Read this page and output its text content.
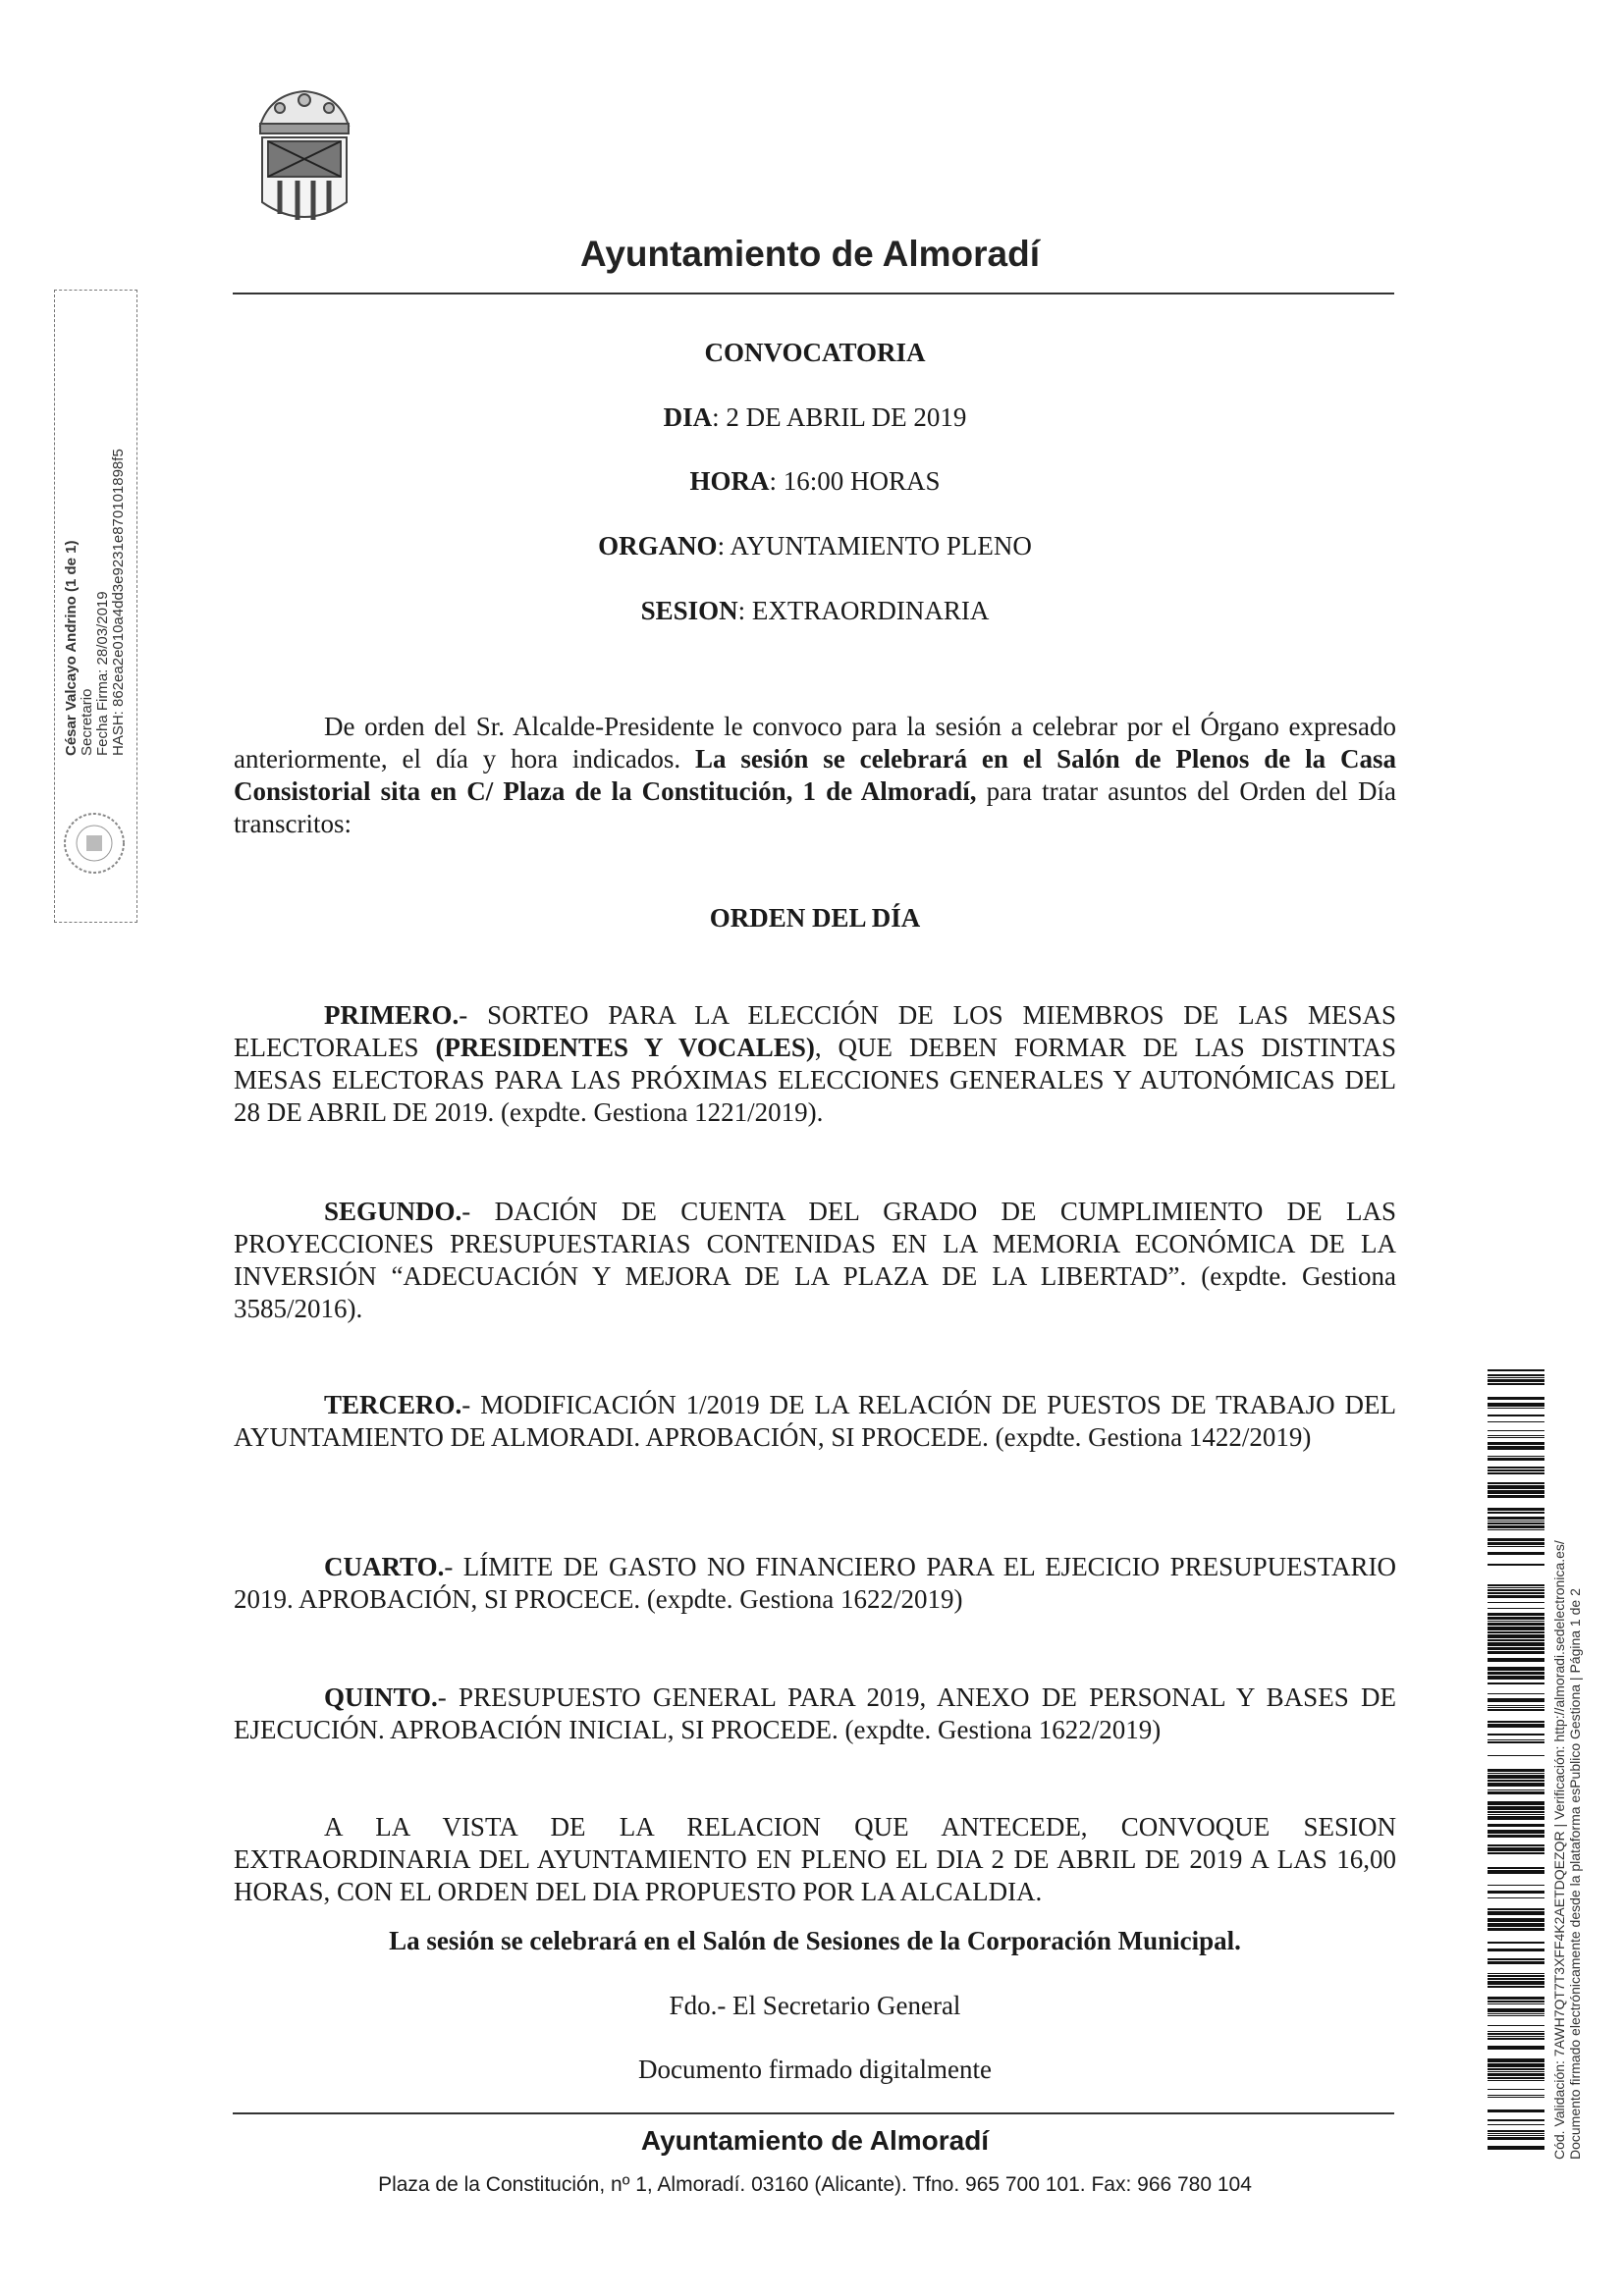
Ayuntamiento de Almoradí
César Valcayo Andrino (1 de 1) Secretario Fecha Firma: 28/03/2019 HASH: 862ea2e010a4dd3e9231e870101898f5
CONVOCATORIA
DIA: 2 DE ABRIL DE 2019
HORA: 16:00 HORAS
ORGANO: AYUNTAMIENTO PLENO
SESION: EXTRAORDINARIA
De orden del Sr. Alcalde-Presidente le convoco para la sesión a celebrar por el Órgano expresado anteriormente, el día y hora indicados. La sesión se celebrará en el Salón de Plenos de la Casa Consistorial sita en C/ Plaza de la Constitución, 1 de Almoradí, para tratar asuntos del Orden del Día transcritos:
ORDEN DEL DÍA
PRIMERO.- SORTEO PARA LA ELECCIÓN DE LOS MIEMBROS DE LAS MESAS ELECTORALES (PRESIDENTES Y VOCALES), QUE DEBEN FORMAR DE LAS DISTINTAS MESAS ELECTORAS PARA LAS PRÓXIMAS ELECCIONES GENERALES Y AUTONÓMICAS DEL 28 DE ABRIL DE 2019. (expdte. Gestiona 1221/2019).
SEGUNDO.- DACIÓN DE CUENTA DEL GRADO DE CUMPLIMIENTO DE LAS PROYECCIONES PRESUPUESTARIAS CONTENIDAS EN LA MEMORIA ECONÓMICA DE LA INVERSIÓN “ADECUACIÓN Y MEJORA DE LA PLAZA DE LA LIBERTAD”. (expdte. Gestiona 3585/2016).
TERCERO.- MODIFICACIÓN 1/2019 DE LA RELACIÓN DE PUESTOS DE TRABAJO DEL AYUNTAMIENTO DE ALMORADI. APROBACIÓN, SI PROCEDE. (expdte. Gestiona 1422/2019)
CUARTO.- LÍMITE DE GASTO NO FINANCIERO PARA EL EJECICIO PRESUPUESTARIO 2019. APROBACIÓN, SI PROCECE. (expdte. Gestiona 1622/2019)
QUINTO.- PRESUPUESTO GENERAL PARA 2019, ANEXO DE PERSONAL Y BASES DE EJECUCIÓN. APROBACIÓN INICIAL, SI PROCEDE. (expdte. Gestiona 1622/2019)
A LA VISTA DE LA RELACION QUE ANTECEDE, CONVOQUE SESION EXTRAORDINARIA DEL AYUNTAMIENTO EN PLENO EL DIA 2 DE ABRIL DE 2019 A LAS 16,00 HORAS, CON EL ORDEN DEL DIA PROPUESTO POR LA ALCALDIA.
La sesión se celebrará en el Salón de Sesiones de la Corporación Municipal.
Fdo.- El Secretario General
Documento firmado digitalmente
Ayuntamiento de Almoradí
Plaza de la Constitución, nº 1, Almoradí. 03160 (Alicante). Tfno. 965 700 101. Fax: 966 780 104
Cód. Validación: 7AWH7QT7T3XFF4K2AETDQEZQR | Verificación: http://almoradi.sedelectronica.es/ Documento firmado electrónicamente desde la plataforma esPublico Gestiona | Página 1 de 2
